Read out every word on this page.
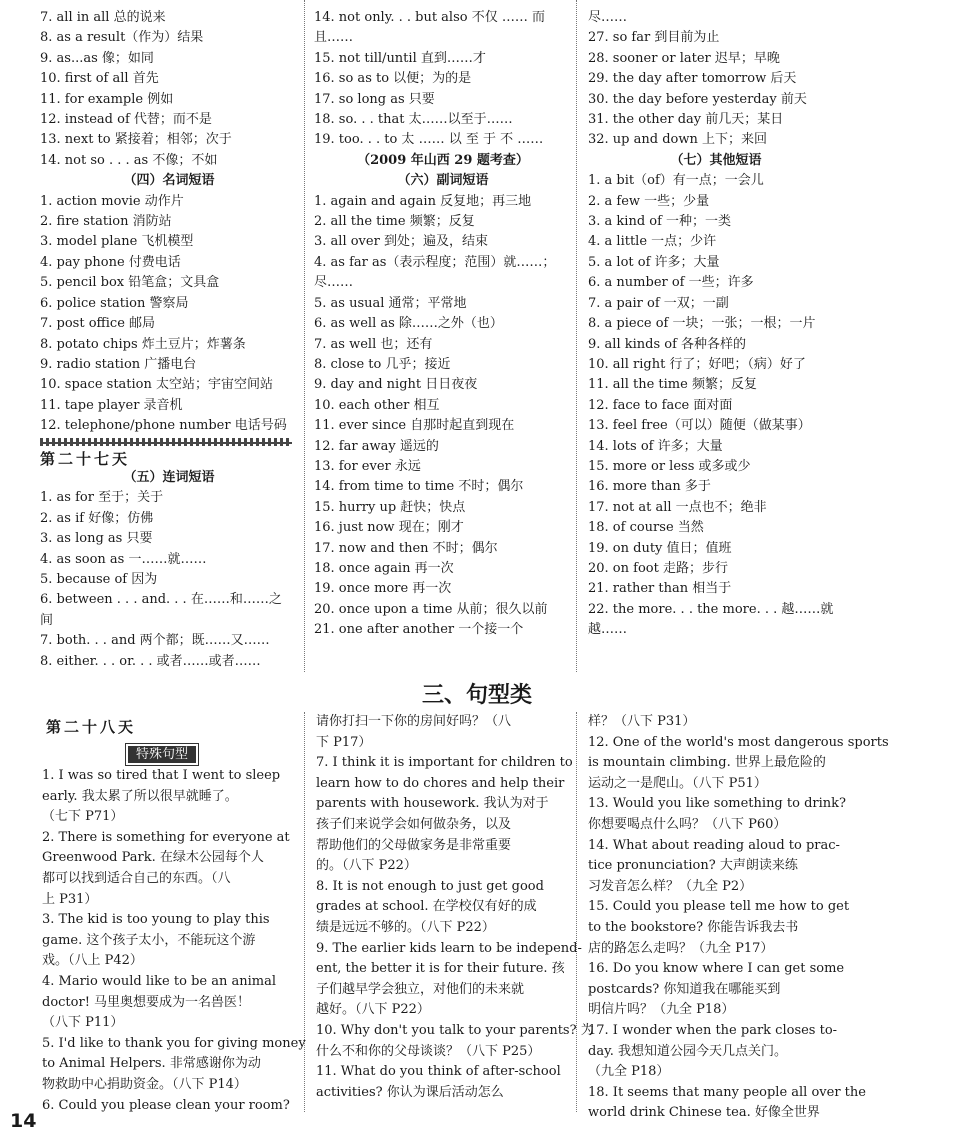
7. all in all 总的说来
8. as a result（作为）结果
9. as...as 像；如同
10. first of all 首先
11. for example 例如
12. instead of 代替；而不是
13. next to 紧接着；相邻；次于
14. not so . . . as 不像；不如
（四）名词短语
1. action movie 动作片
2. fire station 消防站
3. model plane 飞机模型
4. pay phone 付费电话
5. pencil box 铅笔盒；文具盒
6. police station 警察局
7. post office 邮局
8. potato chips 炸土豆片；炸薯条
9. radio station 广播电台
10. space station 太空站；宇宙空间站
11. tape player 录音机
12. telephone/phone number 电话号码
第二十七天
（五）连词短语
1. as for 至于；关于
2. as if 好像；仿佛
3. as long as 只要
4. as soon as 一……就……
5. because of 因为
6. between . . . and. . . 在……和……之
间
7. both. . . and 两个都；既……又……
8. either. . . or. . . 或者……或者……
14. not only. . . but also 不仅 …… 而
且……
15. not till/until 直到……才
16. so as to 以便；为的是
17. so long as 只要
18. so. . . that 太……以至于……
19. too. . . to 太 …… 以 至 于 不 ……
（2009 年山西 29 题考查）
（六）副词短语
1. again and again 反复地；再三地
2. all the time 频繁；反复
3. all over 到处；遍及，结束
4. as far as（表示程度；范围）就……；
尽……
5. as usual 通常；平常地
6. as well as 除……之外（也）
7. as well 也；还有
8. close to 几乎；接近
9. day and night 日日夜夜
10. each other 相互
11. ever since 自那时起直到现在
12. far away 遥远的
13. for ever 永远
14. from time to time 不时；偶尔
15. hurry up 赶快；快点
16. just now 现在；刚才
17. now and then 不时；偶尔
18. once again 再一次
19. once more 再一次
20. once upon a time 从前；很久以前
21. one after another 一个接一个
尽……
27. so far 到目前为止
28. sooner or later 迟早；早晚
29. the day after tomorrow 后天
30. the day before yesterday 前天
31. the other day 前几天；某日
32. up and down 上下；来回
（七）其他短语
1. a bit（of）有一点；一会儿
2. a few 一些；少量
3. a kind of 一种；一类
4. a little 一点；少许
5. a lot of 许多；大量
6. a number of 一些；许多
7. a pair of 一双；一副
8. a piece of 一块；一张；一根；一片
9. all kinds of 各种各样的
10. all right 行了；好吧；（病）好了
11. all the time 频繁；反复
12. face to face 面对面
13. feel free（可以）随便（做某事）
14. lots of 许多；大量
15. more or less 或多或少
16. more than 多于
17. not at all 一点也不；绝非
18. of course 当然
19. on duty 值日；值班
20. on foot 走路；步行
21. rather than 相当于
22. the more. . . the more. . . 越……就
越……
三、句型类
第二十八天
特殊句型
1. I was so tired that I went to sleep
early. 我太累了所以很早就睡了。
（七下 P71）
2. There is something for everyone at
Greenwood Park. 在绿木公园每个人
都可以找到适合自己的东西。（八
上 P31）
3. The kid is too young to play this
game. 这个孩子太小，不能玩这个游
戏。（八上 P42）
4. Mario would like to be an animal
doctor! 马里奥想要成为一名兽医！
（八下 P11）
5. I'd like to thank you for giving money
to Animal Helpers. 非常感谢你为动
物救助中心捐助资金。（八下 P14）
6. Could you please clean your room?
请你打扫一下你的房间好吗？（八
下 P17）
7. I think it is important for children to
learn how to do chores and help their
parents with housework. 我认为对于
孩子们来说学会如何做杂务，以及
帮助他们的父母做家务是非常重要
的。（八下 P22）
8. It is not enough to just get good
grades at school. 在学校仅有好的成
绩是远远不够的。（八下 P22）
9. The earlier kids learn to be independ-
ent, the better it is for their future. 孩
子们越早学会独立，对他们的未来就
越好。（八下 P22）
10. Why don't you talk to your parents? 为
什么不和你的父母谈谈？（八下 P25）
11. What do you think of after-school
activities? 你认为课后活动怎么
样？（八下 P31）
12. One of the world's most dangerous sports
is mountain climbing. 世界上最危险的
运动之一是爬山。（八下 P51）
13. Would you like something to drink?
你想要喝点什么吗？（八下 P60）
14. What about reading aloud to prac-
tice pronunciation? 大声朗读来练
习发音怎么样？（九全 P2）
15. Could you please tell me how to get
to the bookstore? 你能告诉我去书
店的路怎么走吗？（九全 P17）
16. Do you know where I can get some
postcards? 你知道我在哪能买到
明信片吗？（九全 P18）
17. I wonder when the park closes to-
day. 我想知道公园今天几点关门。
（九全 P18）
18. It seems that many people all over the
world drink Chinese tea. 好像全世界
14
